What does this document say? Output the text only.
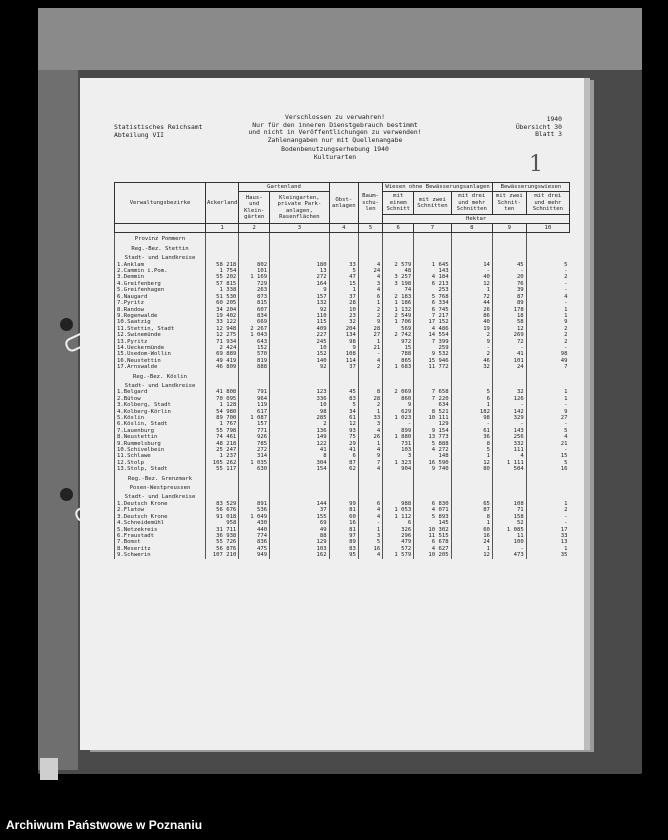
Statistisches Reichsamt
Abteilung VII
Verschlossen zu verwahren!
Nur für den inneren Dienstgebrauch bestimmt
und nicht in Veröffentlichungen zu verwenden!
Zahlenangaben nur mit Quellenangabe
Bodenbenutzungserhebung 1940
Kulturarten
1940
Übersicht 30
Blatt 3
1
Verwaltungsbezirke	Ackerland	Gartenland		Obst- anlagen	Baum- schu- len	Wiesen ohne Bewässerungsanlagen			Bewässerungswiesen	
		Haus- und Klein- gärten	Kleingarten, private Park- anlagen, Rasenflächen			mit einem Schnitt	mit zwei Schnitten	mit drei und mehr Schnitten	mit zwei Schnit- ten	mit drei und mehr Schnitten
						Hektar				
	1	2	3	4	5	6	7	8	9	10
Provinz Pommern										
Reg.-Bez. Stettin										
Stadt- und Landkreise										
1.Anklam	58 218	802	180	33	4	2 579	1 645	14	45	5
2.Cammin i.Pom.	1 754	101	13	5	24	48	143	-	-	-
3.Demmin	55 202	1 169	272	47	4	3 257	4 184	40	20	2
4.Greifenberg	57 815	729	164	15	3	3 198	6 213	12	76	-
5.Greifenhagen	1 338	263	9	1	4	74	253	1	39	-
6.Naugard	51 530	873	157	37	6	2 183	5 768	72	87	4
7.Pyritz	60 205	815	132	28	1	1 186	6 334	44	89	-
8.Randow	34 204	607	92	10	2	1 132	6 745	26	178	1
9.Regenwalde	19 402	834	110	23	2	2 549	7 217	86	18	1
10.Saatzig	33 122	669	115	32	9	1 706	17 152	40	58	9
11.Stettin, Stadt	12 948	2 267	409	204	28	569	4 486	19	12	2
12.Swinemünde	12 275	1 043	227	134	27	2 742	14 554	2	269	2
13.Pyritz	71 934	643	245	98	1	972	7 399	9	72	2
14.Ueckermünde	2 424	152	10	9	21	15	259	-	-	-
15.Usedom-Wollin	69 889	570	152	108	-	788	9 532	2	41	98
16.Neustettin	49 419	819	140	114	4	865	15 946	46	101	49
17.Arnswalde	46 809	888	92	37	2	1 683	11 772	32	24	7
Reg.-Bez. Köslin										
Stadt- und Landkreise										
1.Belgard	41 808	791	123	45	8	2 069	7 658	5	32	1
2.Bütow	70 095	964	336	83	28	860	7 220	6	126	1
3.Kolberg, Stadt	1 128	119	10	5	2	9	634	1	-	-
4.Kolberg-Körlin	54 980	617	98	34	1	629	8 521	182	142	9
5.Köslin	89 700	1 087	285	61	33	1 023	10 111	98	329	27
6.Köslin, Stadt	1 767	157	2	12	3	-	129	-	-	-
7.Lauenburg	55 798	771	136	93	4	899	9 154	61	143	5
8.Neustettin	74 461	926	149	75	26	1 880	13 773	36	256	4
9.Rummelsburg	48 218	785	122	29	1	731	5 888	8	332	21
10.Schivelbein	25 247	272	41	41	4	103	4 272	5	111	-
11.Schlawe	1 237	314	8	6	9	3	148	1	4	15
12.Stolp	105 262	1 035	304	87	7	1 323	16 590	12	1 111	5
13.Stolp, Stadt	55 117	630	154	62	4	904	9 740	80	504	16
Reg.-Bez. Grenzmark										
Posen-Westpreussen										
Stadt- und Landkreise										
1.Deutsch Krone	83 529	891	144	99	6	988	6 830	65	108	1
2.Flatow	56 676	536	37	81	4	1 053	4 071	87	71	2
3.Deutsch Krone	91 018	1 049	155	60	4	1 112	5 893	8	158	-
4.Schneidemühl	958	430	69	16	-	6	145	1	52	-
5.Netzekreis	31 711	440	49	81	1	326	10 302	60	1 085	17
6.Fraustadt	36 938	774	88	97	3	296	11 515	16	11	33
7.Bomst	55 726	836	129	89	5	479	6 678	24	100	13
8.Meseritz	56 876	475	103	83	16	572	4 627	1	-	1
9.Schwerin	107 210	949	162	95	4	1 579	10 205	12	473	35
Archiwum Państwowe w Poznaniu
